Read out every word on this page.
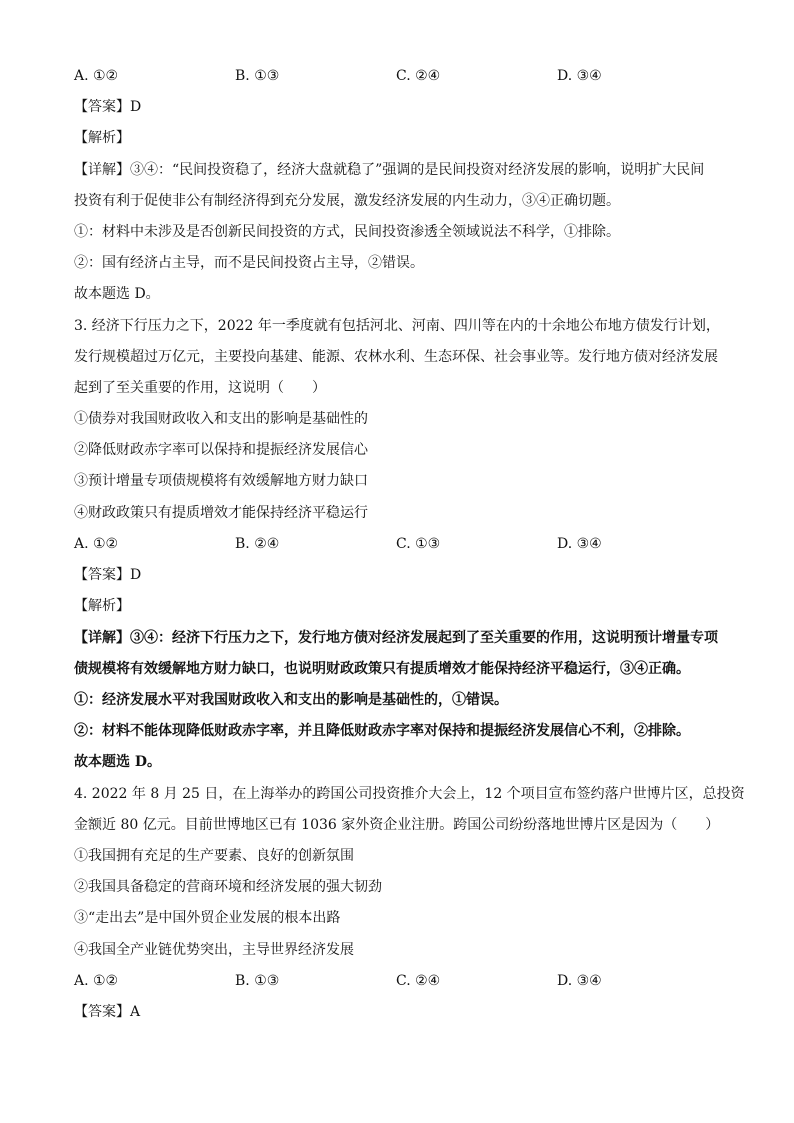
A. ①②	B. ①③	C. ②④	D. ③④
【答案】D
【解析】
【详解】③④：“民间投资稳了，经济大盘就稳了”强调的是民间投资对经济发展的影响，说明扩大民间
投资有利于促使非公有制经济得到充分发展，激发经济发展的内生动力，③④正确切题。
①：材料中未涉及是否创新民间投资的方式，民间投资渗透全领域说法不科学，①排除。
②：国有经济占主导，而不是民间投资占主导，②错误。
故本题选 D。
3. 经济下行压力之下，2022 年一季度就有包括河北、河南、四川等在内的十余地公布地方债发行计划，
发行规模超过万亿元，主要投向基建、能源、农林水利、生态环保、社会事业等。发行地方债对经济发展
起到了至关重要的作用，这说明（　　）
①债券对我国财政收入和支出的影响是基础性的
②降低财政赤字率可以保持和提振经济发展信心
③预计增量专项债规模将有效缓解地方财力缺口
④财政政策只有提质增效才能保持经济平稳运行
A. ①②	B. ②④	C. ①③	D. ③④
【答案】D
【解析】
【详解】③④：经济下行压力之下，发行地方债对经济发展起到了至关重要的作用，这说明预计增量专项
债规模将有效缓解地方财力缺口，也说明财政政策只有提质增效才能保持经济平稳运行，③④正确。
①：经济发展水平对我国财政收入和支出的影响是基础性的，①错误。
②：材料不能体现降低财政赤字率，并且降低财政赤字率对保持和提振经济发展信心不利，②排除。
故本题选 D。
4. 2022 年 8 月 25 日，在上海举办的跨国公司投资推介大会上，12 个项目宣布签约落户世博片区，总投资
金额近 80 亿元。目前世博地区已有 1036 家外资企业注册。跨国公司纷纷落地世博片区是因为（　　）
①我国拥有充足的生产要素、良好的创新氛围
②我国具备稳定的营商环境和经济发展的强大韧劲
③“走出去”是中国外贸企业发展的根本出路
④我国全产业链优势突出，主导世界经济发展
A. ①②	B. ①③	C. ②④	D. ③④
【答案】A
